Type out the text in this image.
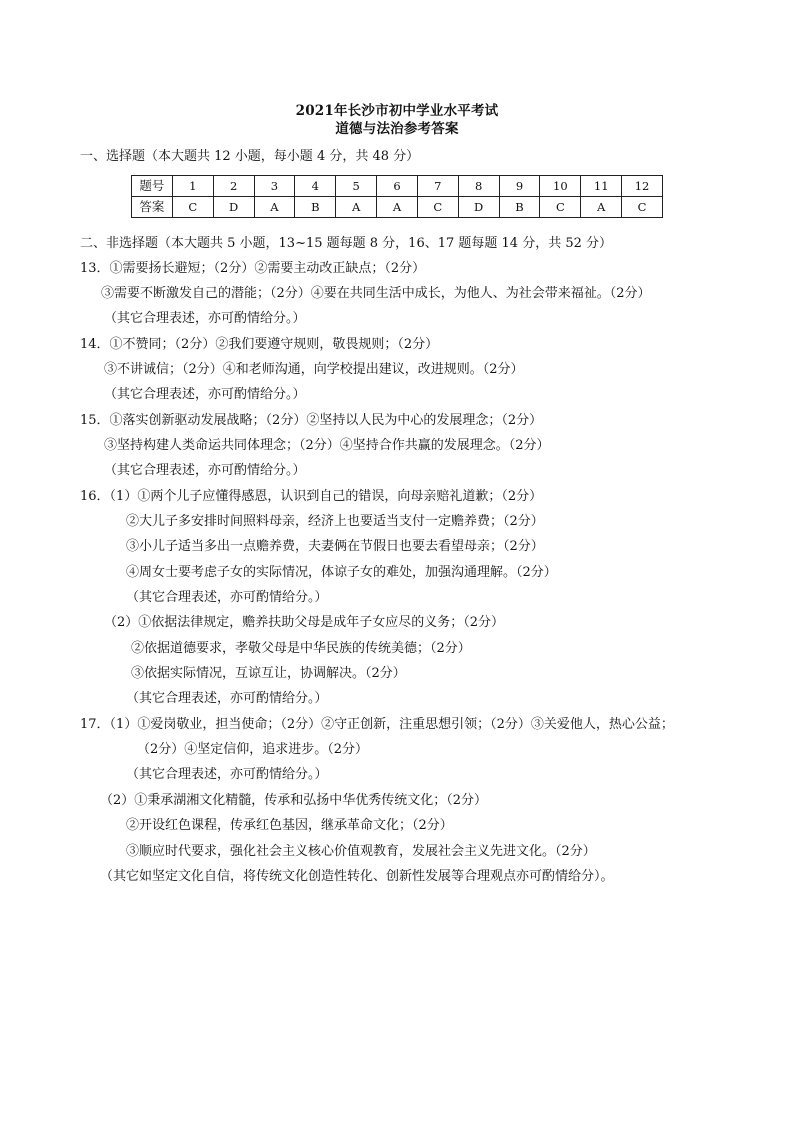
2021年长沙市初中学业水平考试
道德与法治参考答案
一、选择题（本大题共 12 小题，每小题 4 分，共 48 分）
题号	1	2	3	4	5	6	7	8	9	10	11	12
答案	C	D	A	B	A	A	C	D	B	C	A	C
二、非选择题（本大题共 5 小题，13~15 题每题 8 分，16、17 题每题 14 分，共 52 分）
13．①需要扬长避短；（2分）②需要主动改正缺点；（2分）
③需要不断激发自己的潜能；（2分）④要在共同生活中成长，为他人、为社会带来福祉。（2分）
（其它合理表述，亦可酌情给分。）
14．①不赞同；（2分）②我们要遵守规则，敬畏规则；（2分）
③不讲诚信；（2分）④和老师沟通，向学校提出建议，改进规则。（2分）
（其它合理表述，亦可酌情给分。）
15．①落实创新驱动发展战略；（2分）②坚持以人民为中心的发展理念；（2分）
③坚持构建人类命运共同体理念；（2分）④坚持合作共赢的发展理念。（2分）
（其它合理表述，亦可酌情给分。）
16．（1）①两个儿子应懂得感恩，认识到自己的错误，向母亲赔礼道歉；（2分）
②大儿子多安排时间照料母亲，经济上也要适当支付一定赡养费；（2分）
③小儿子适当多出一点赡养费，夫妻俩在节假日也要去看望母亲；（2分）
④周女士要考虑子女的实际情况，体谅子女的难处，加强沟通理解。（2分）
（其它合理表述，亦可酌情给分。）
（2）①依据法律规定，赡养扶助父母是成年子女应尽的义务；（2分）
②依据道德要求，孝敬父母是中华民族的传统美德；（2分）
③依据实际情况，互谅互让，协调解决。（2分）
（其它合理表述，亦可酌情给分。）
17．（1）①爱岗敬业，担当使命；（2分）②守正创新，注重思想引领；（2分）③关爱他人，热心公益；
（2分）④坚定信仰，追求进步。（2分）
（其它合理表述，亦可酌情给分。）
（2）①秉承湖湘文化精髓，传承和弘扬中华优秀传统文化；（2分）
②开设红色课程，传承红色基因，继承革命文化；（2分）
③顺应时代要求，强化社会主义核心价值观教育，发展社会主义先进文化。（2分）
（其它如坚定文化自信，将传统文化创造性转化、创新性发展等合理观点亦可酌情给分）。
